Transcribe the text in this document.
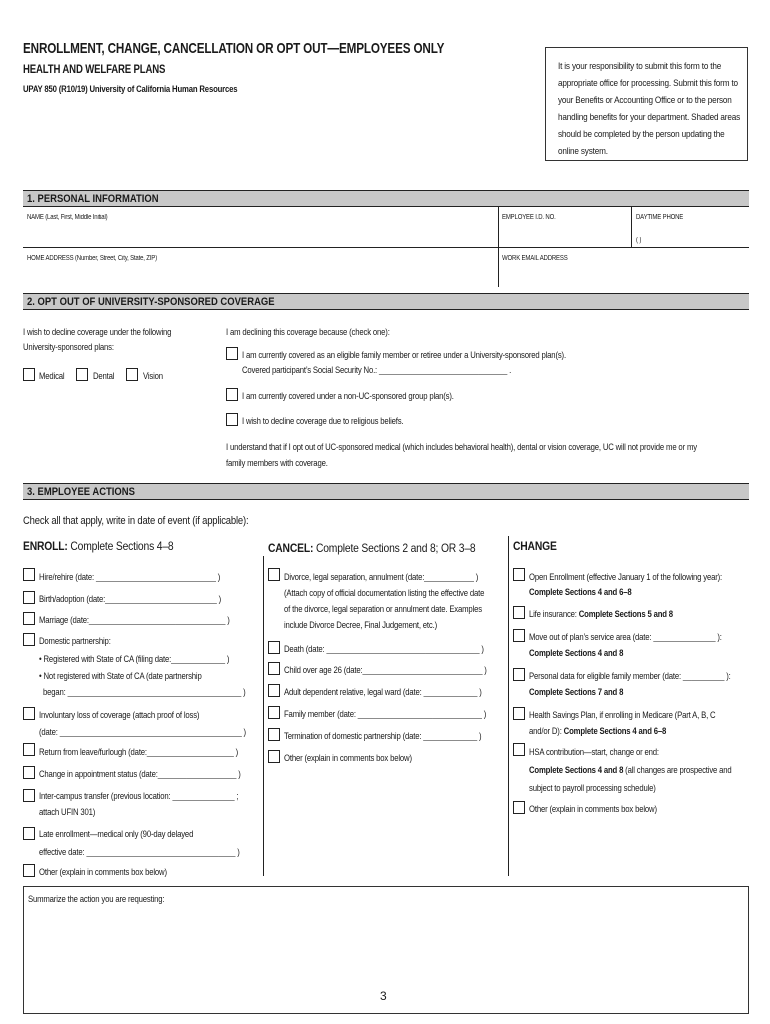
ENROLLMENT, CHANGE, CANCELLATION OR OPT OUT—EMPLOYEES ONLY
HEALTH AND WELFARE PLANS
UPAY 850 (R10/19) University of California Human Resources
It is your responsibility to submit this form to the
appropriate office for processing. Submit this form to
your Benefits or Accounting Office or to the person
handling benefits for your department. Shaded areas
should be completed by the person updating the
online system.
1. PERSONAL INFORMATION
NAME (Last, First, Middle Initial)	EMPLOYEE I.D. NO.	DAYTIME PHONE
( )
HOME ADDRESS (Number, Street, City, State, ZIP)	WORK EMAIL ADDRESS
2. OPT OUT OF UNIVERSITY-SPONSORED COVERAGE
I wish to decline coverage under the following
University-sponsored plans:
Medical	Dental	Vision
I am declining this coverage because (check one):
I am currently covered as an eligible family member or retiree under a University-sponsored plan(s).
Covered participant’s Social Security No.: _______________________________ .
I am currently covered under a non-UC-sponsored group plan(s).
I wish to decline coverage due to religious beliefs.
I understand that if I opt out of UC-sponsored medical (which includes behavioral health), dental or vision coverage, UC will not provide me or my
family members with coverage.
3. EMPLOYEE ACTIONS
Check all that apply, write in date of event (if applicable):
ENROLL: Complete Sections 4–8	CANCEL: Complete Sections 2 and 8; OR 3–8	CHANGE
Hire/rehire (date: _____________________________ )
Birth/adoption (date:___________________________ )
Marriage (date:_________________________________ )
Domestic partnership:
• Registered with State of CA (filing date:_____________ )
• Not registered with State of CA (date partnership
began: __________________________________________ )
Involuntary loss of coverage (attach proof of loss)
(date: ____________________________________________ )
Return from leave/furlough (date:_____________________ )
Change in appointment status (date:___________________ )
Inter-campus transfer (previous location: _______________ ;
attach UFIN 301)
Late enrollment—medical only (90-day delayed
effective date: ____________________________________ )
Other (explain in comments box below)
Divorce, legal separation, annulment (date:____________ )
(Attach copy of official documentation listing the effective date
of the divorce, legal separation or annulment date. Examples
include Divorce Decree, Final Judgement, etc.)
Death (date: _____________________________________ )
Child over age 26 (date:_____________________________ )
Adult dependent relative, legal ward (date: _____________ )
Family member (date: ______________________________ )
Termination of domestic partnership (date: _____________ )
Other (explain in comments box below)
Open Enrollment (effective January 1 of the following year):
Complete Sections 4 and 6–8
Life insurance: Complete Sections 5 and 8
Move out of plan’s service area (date: _______________ ):
Complete Sections 4 and 8
Personal data for eligible family member (date: __________ ):
Complete Sections 7 and 8
Health Savings Plan, if enrolling in Medicare (Part A, B, C
and/or D): Complete Sections 4 and 6–8
HSA contribution—start, change or end:
Complete Sections 4 and 8 (all changes are prospective and
subject to payroll processing schedule)
Other (explain in comments box below)
Summarize the action you are requesting:
3
